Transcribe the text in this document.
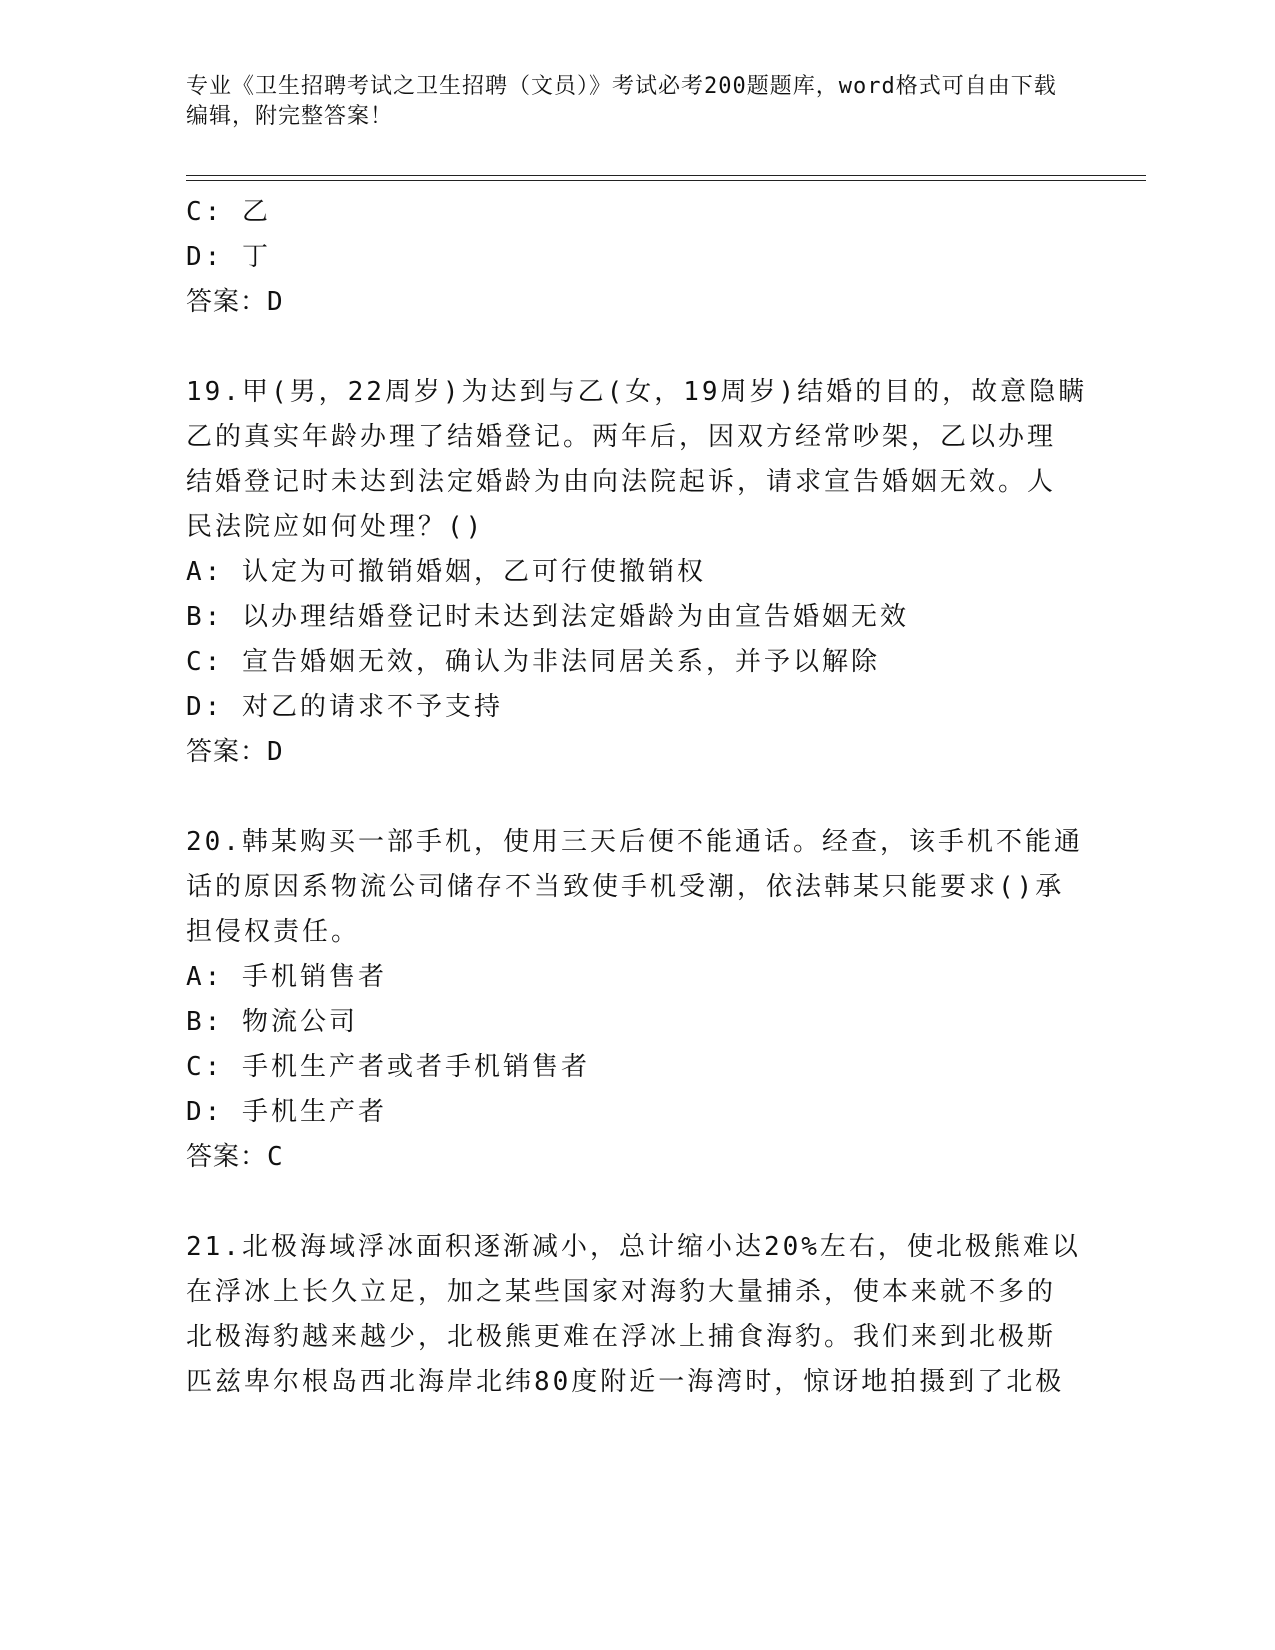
专业《卫生招聘考试之卫生招聘（文员）》考试必考200题题库，word格式可自由下载编辑，附完整答案！
C: 乙
D: 丁
答案：D
19.甲(男，22周岁)为达到与乙(女，19周岁)结婚的目的，故意隐瞒
乙的真实年龄办理了结婚登记。两年后，因双方经常吵架，乙以办理
结婚登记时未达到法定婚龄为由向法院起诉，请求宣告婚姻无效。人
民法院应如何处理？()
A: 认定为可撤销婚姻，乙可行使撤销权
B: 以办理结婚登记时未达到法定婚龄为由宣告婚姻无效
C: 宣告婚姻无效，确认为非法同居关系，并予以解除
D: 对乙的请求不予支持
答案：D
20.韩某购买一部手机，使用三天后便不能通话。经查，该手机不能通
话的原因系物流公司储存不当致使手机受潮，依法韩某只能要求()承
担侵权责任。
A: 手机销售者
B: 物流公司
C: 手机生产者或者手机销售者
D: 手机生产者
答案：C
21.北极海域浮冰面积逐渐减小，总计缩小达20%左右，使北极熊难以
在浮冰上长久立足，加之某些国家对海豹大量捕杀，使本来就不多的
北极海豹越来越少，北极熊更难在浮冰上捕食海豹。我们来到北极斯
匹兹卑尔根岛西北海岸北纬80度附近一海湾时，惊讶地拍摄到了北极
